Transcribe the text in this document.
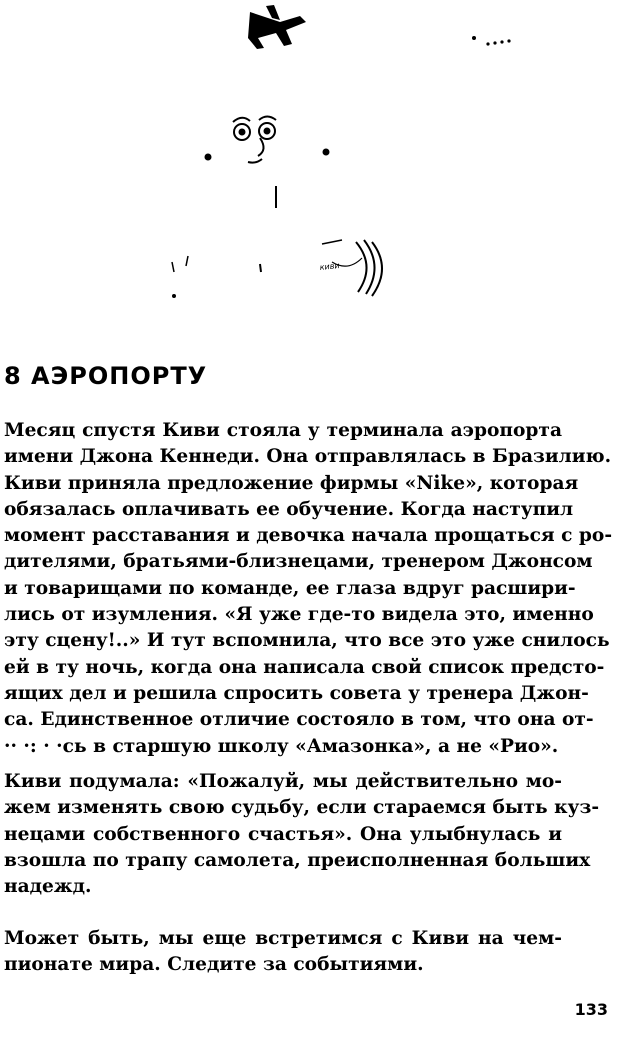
киви
8 АЭРОПОРТУ

Месяц спустя Киви стояла у терминала аэропорта
имени Джона Кеннеди. Она отправлялась в Бразилию.
Киви приняла предложение фирмы «Nike», которая
обязалась оплачивать ее обучение. Когда наступил
момент расставания и девочка начала прощаться с ро-
дителями, братьями-близнецами, тренером Джонсом
и товарищами по команде, ее глаза вдруг расшири-
лись от изумления. «Я уже где-то видела это, именно
эту сцену!..» И тут вспомнила, что все это уже снилось
ей в ту ночь, когда она написала свой список предсто-
ящих дел и решила спросить совета у тренера Джон-
са. Единственное отличие состояло в том, что она от-
·· ·: · ·сь в старшую школу «Амазонка», а не «Рио».

Киви подумала: «Пожалуй, мы действительно мо-
жем изменять свою судьбу, если стараемся быть куз-
нецами собственного счастья». Она улыбнулась и
взошла по трапу самолета, преисполненная больших
надежд.

Может быть, мы еще встретимся с Киви на чем-
пионате мира. Следите за событиями.

133
